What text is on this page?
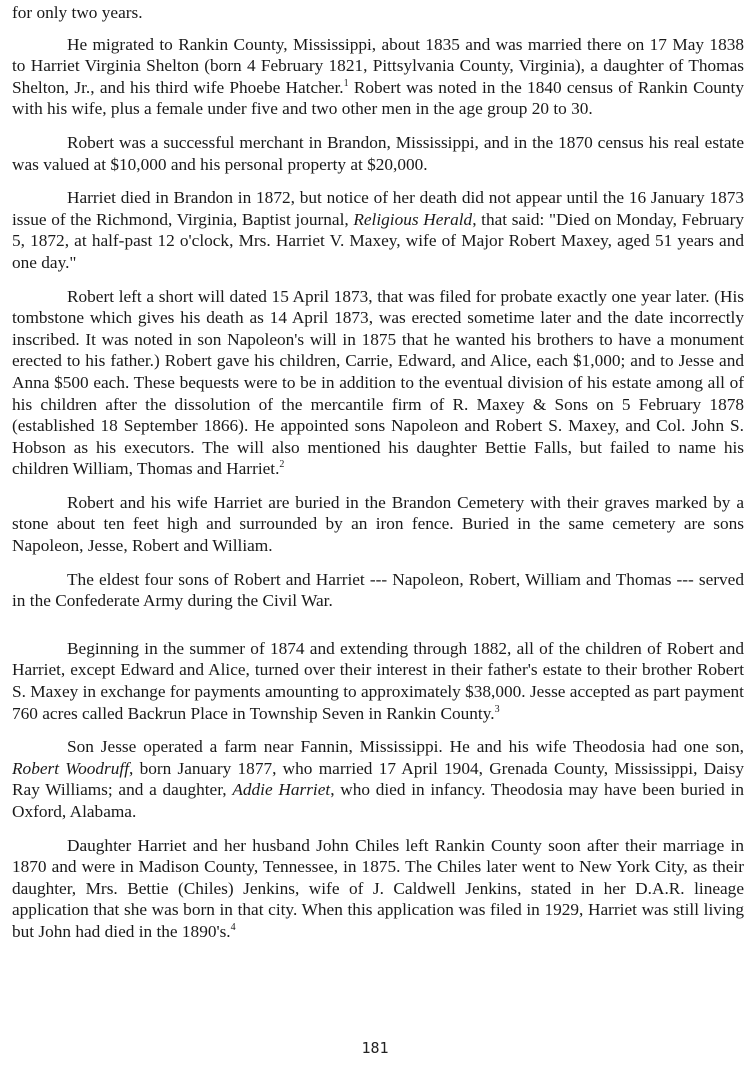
for only two years.

He migrated to Rankin County, Mississippi, about 1835 and was married there on 17 May 1838 to Harriet Virginia Shelton (born 4 February 1821, Pittsylvania County, Virginia), a daughter of Thomas Shelton, Jr., and his third wife Phoebe Hatcher.$^1$ Robert was noted in the 1840 census of Rankin County with his wife, plus a female under five and two other men in the age group 20 to 30.

Robert was a successful merchant in Brandon, Mississippi, and in the 1870 census his real estate was valued at $10,000 and his personal property at $20,000.

Harriet died in Brandon in 1872, but notice of her death did not appear until the 16 January 1873 issue of the Richmond, Virginia, Baptist journal, Religious Herald, that said: "Died on Monday, February 5, 1872, at half-past 12 o'clock, Mrs. Harriet V. Maxey, wife of Major Robert Maxey, aged 51 years and one day."

Robert left a short will dated 15 April 1873, that was filed for probate exactly one year later. (His tombstone which gives his death as 14 April 1873, was erected sometime later and the date incorrectly inscribed. It was noted in son Napoleon's will in 1875 that he wanted his brothers to have a monument erected to his father.) Robert gave his children, Carrie, Edward, and Alice, each $1,000; and to Jesse and Anna $500 each. These bequests were to be in addition to the eventual division of his estate among all of his children after the dissolution of the mercantile firm of R. Maxey & Sons on 5 February 1878 (established 18 September 1866). He appointed sons Napoleon and Robert S. Maxey, and Col. John S. Hobson as his executors. The will also mentioned his daughter Bettie Falls, but failed to name his children William, Thomas and Harriet.$^2$

Robert and his wife Harriet are buried in the Brandon Cemetery with their graves marked by a stone about ten feet high and surrounded by an iron fence. Buried in the same cemetery are sons Napoleon, Jesse, Robert and William.

The eldest four sons of Robert and Harriet --- Napoleon, Robert, William and Thomas --- served in the Confederate Army during the Civil War.

Beginning in the summer of 1874 and extending through 1882, all of the children of Robert and Harriet, except Edward and Alice, turned over their interest in their father's estate to their brother Robert S. Maxey in exchange for payments amounting to approximately $38,000. Jesse accepted as part payment 760 acres called Backrun Place in Township Seven in Rankin County.$^3$

Son Jesse operated a farm near Fannin, Mississippi. He and his wife Theodosia had one son, Robert Woodruff, born January 1877, who married 17 April 1904, Grenada County, Mississippi, Daisy Ray Williams; and a daughter, Addie Harriet, who died in infancy. Theodosia may have been buried in Oxford, Alabama.

Daughter Harriet and her husband John Chiles left Rankin County soon after their marriage in 1870 and were in Madison County, Tennessee, in 1875. The Chiles later went to New York City, as their daughter, Mrs. Bettie (Chiles) Jenkins, wife of J. Caldwell Jenkins, stated in her D.A.R. lineage application that she was born in that city. When this application was filed in 1929, Harriet was still living but John had died in the 1890's.$^4$

181
